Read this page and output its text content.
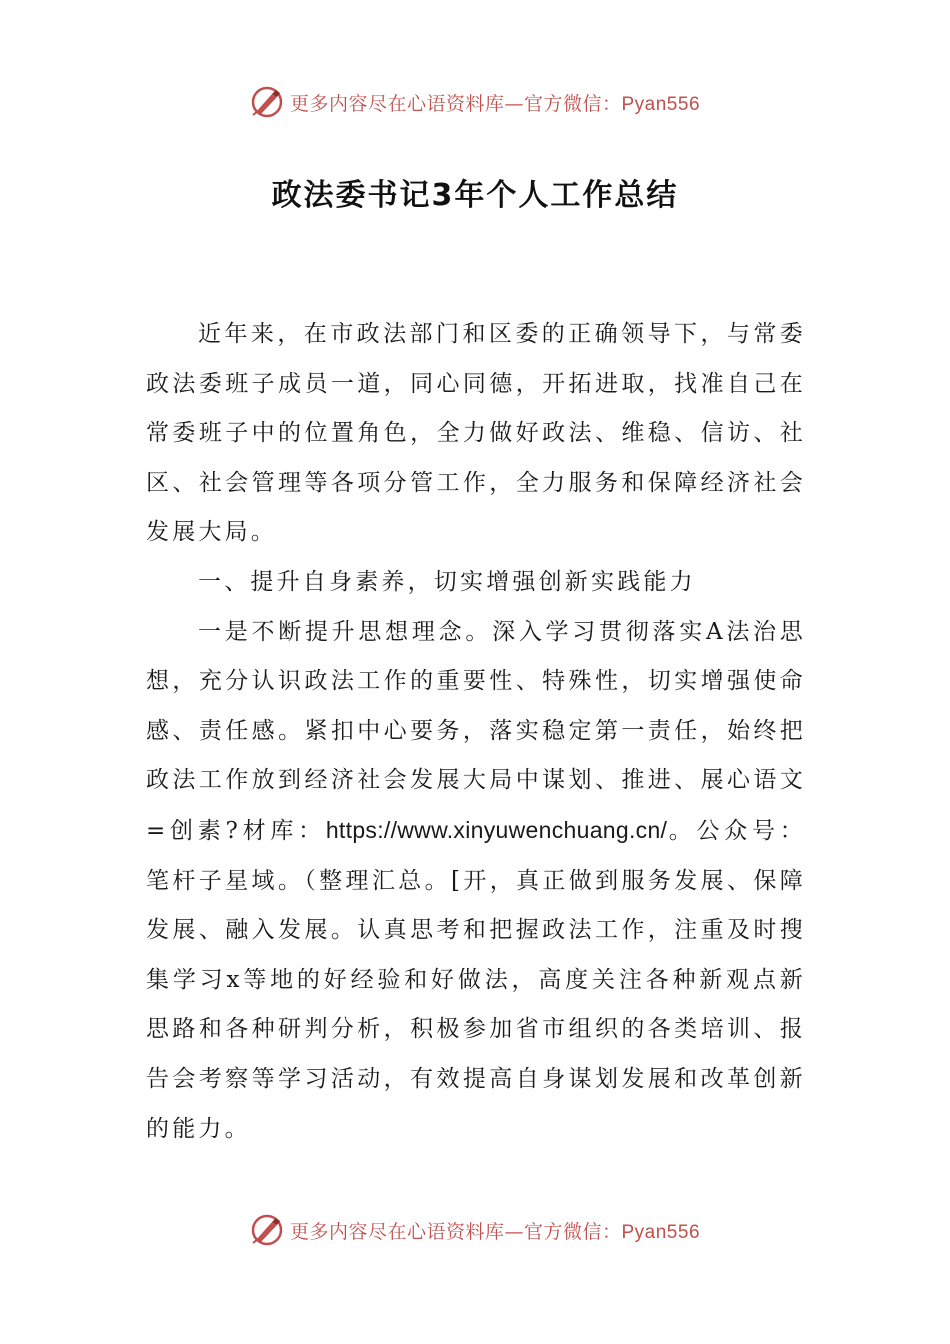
更多内容尽在心语资料库—官方微信：Pyan556
政法委书记3年个人工作总结

近年来，在市政法部门和区委的正确领导下，与常委政法委班子成员一道，同心同德，开拓进取，找准自己在常委班子中的位置角色，全力做好政法、维稳、信访、社区、社会管理等各项分管工作，全力服务和保障经济社会发展大局。

一、提升自身素养，切实增强创新实践能力

一是不断提升思想理念。深入学习贯彻落实A法治思想，充分认识政法工作的重要性、特殊性，切实增强使命感、责任感。紧扣中心要务，落实稳定第一责任，始终把政法工作放到经济社会发展大局中谋划、推进、展心语文=创素?材库：https://www.xinyuwenchuang.cn/。公众号：笔杆子星域。（整理汇总。[开，真正做到服务发展、保障发展、融入发展。认真思考和把握政法工作，注重及时搜集学习x等地的好经验和好做法，高度关注各种新观点新思路和各种研判分析，积极参加省市组织的各类培训、报告会考察等学习活动，有效提高自身谋划发展和改革创新的能力。

更多内容尽在心语资料库—官方微信：Pyan556
